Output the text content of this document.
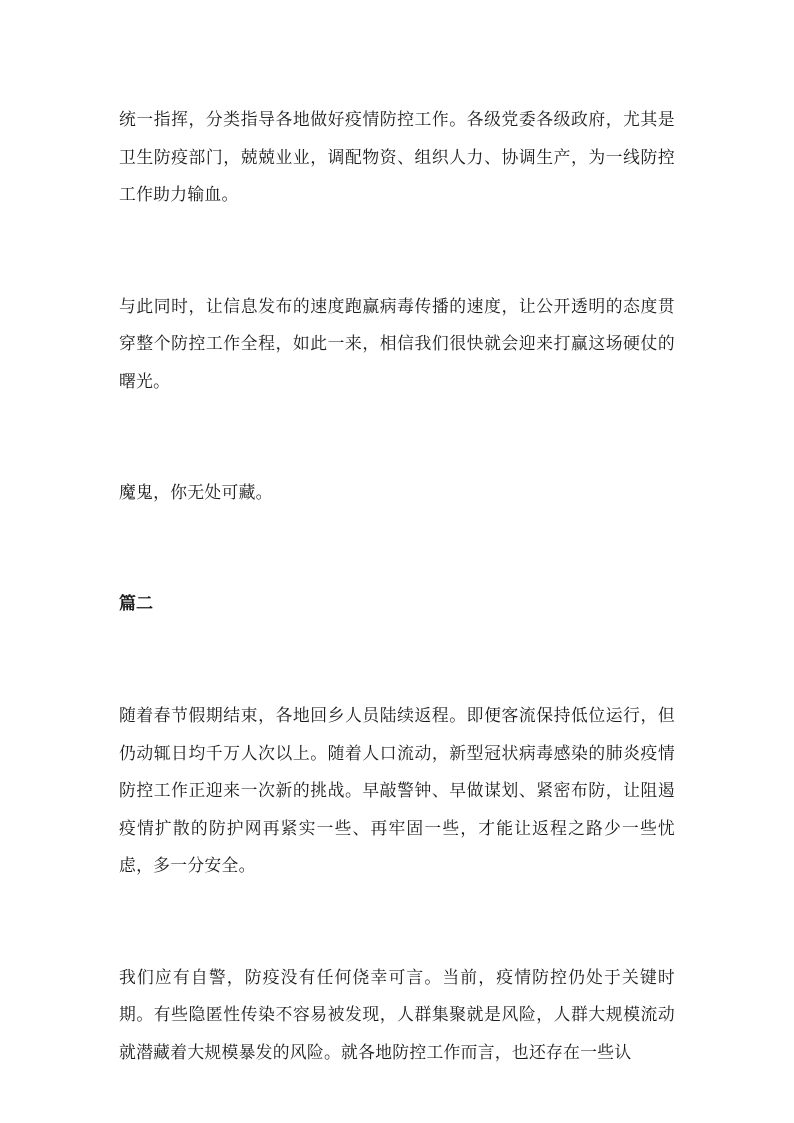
统一指挥，分类指导各地做好疫情防控工作。各级党委各级政府，尤其是卫生防疫部门，兢兢业业，调配物资、组织人力、协调生产，为一线防控工作助力输血。

与此同时，让信息发布的速度跑赢病毒传播的速度，让公开透明的态度贯穿整个防控工作全程，如此一来，相信我们很快就会迎来打赢这场硬仗的曙光。

魔鬼，你无处可藏。

篇二

随着春节假期结束，各地回乡人员陆续返程。即便客流保持低位运行，但仍动辄日均千万人次以上。随着人口流动，新型冠状病毒感染的肺炎疫情防控工作正迎来一次新的挑战。早敲警钟、早做谋划、紧密布防，让阻遏疫情扩散的防护网再紧实一些、再牢固一些，才能让返程之路少一些忧虑，多一分安全。

我们应有自警，防疫没有任何侥幸可言。当前，疫情防控仍处于关键时期。有些隐匿性传染不容易被发现，人群集聚就是风险，人群大规模流动就潜藏着大规模暴发的风险。就各地防控工作而言，也还存在一些认
